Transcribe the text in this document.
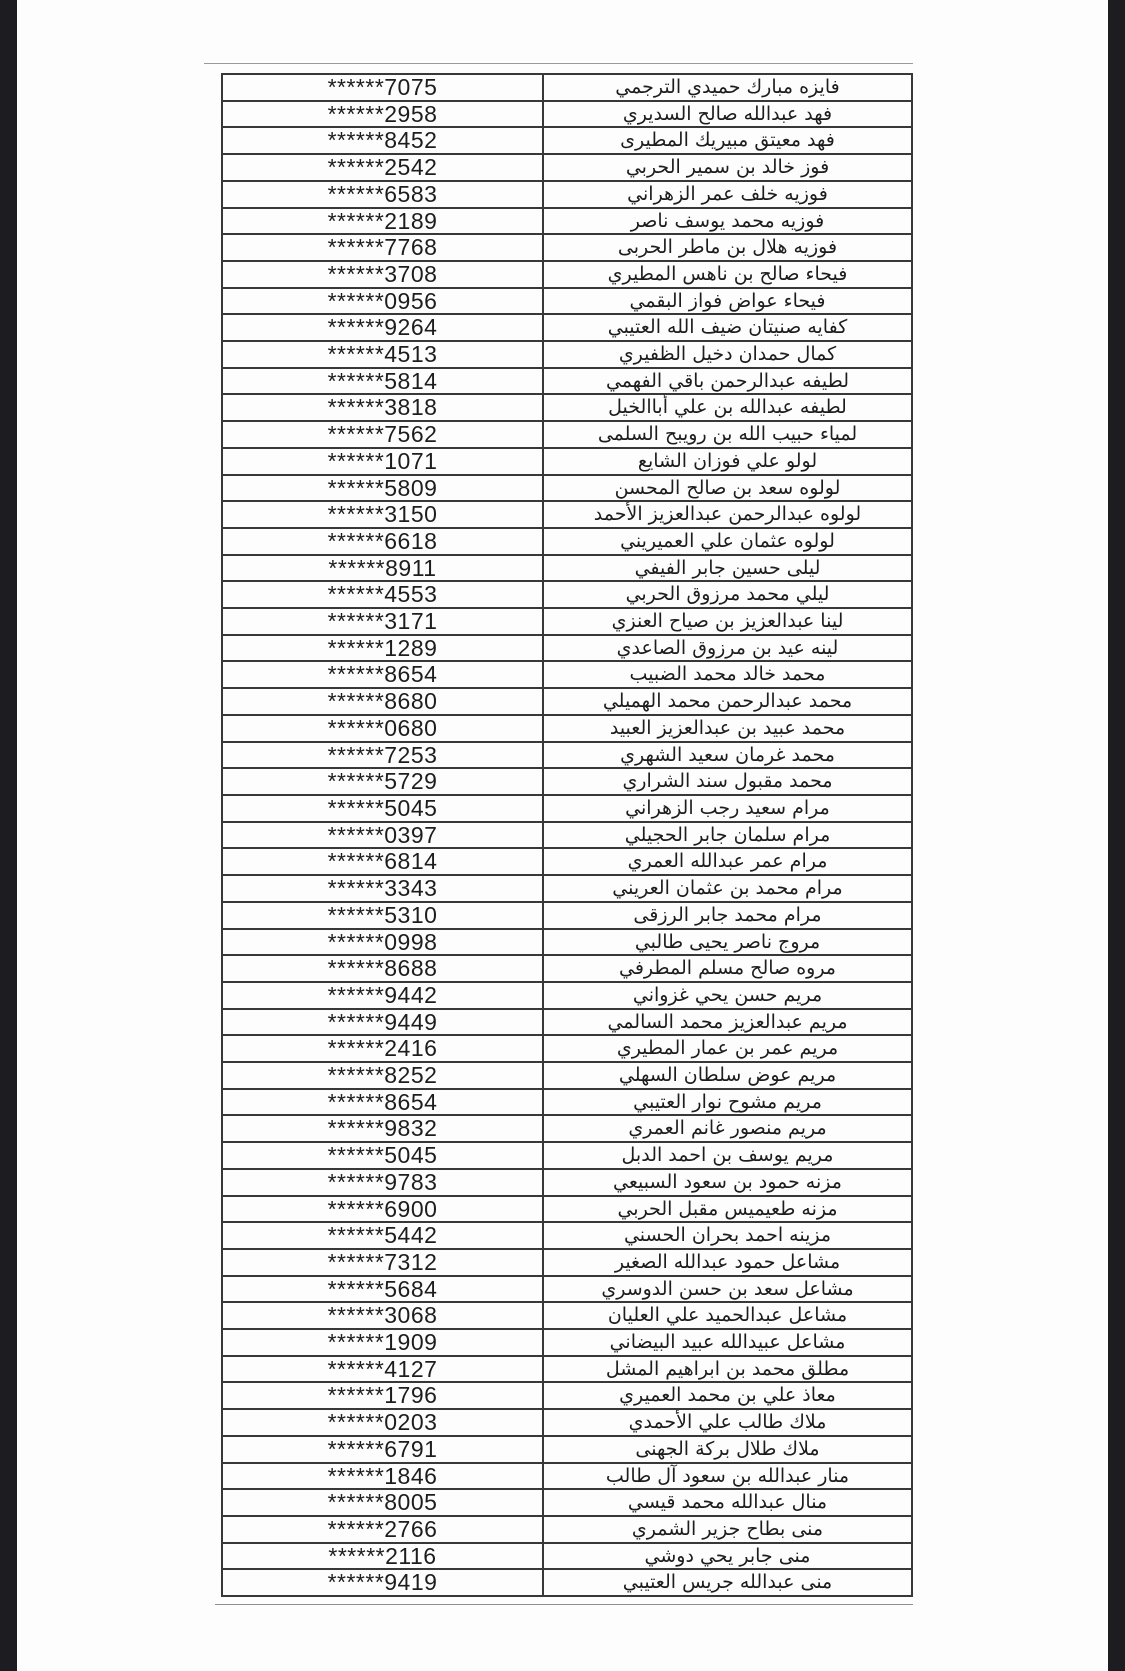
******7075	فايزه مبارك حميدي الترجمي
******2958	فهد عبدالله صالح السديري
******8452	فهد معيتق مبيريك المطيرى
******2542	فوز خالد بن سمير الحربي
******6583	فوزيه خلف عمر الزهراني
******2189	فوزيه محمد يوسف ناصر
******7768	فوزيه هلال بن ماطر الحربى
******3708	فيحاء صالح بن ناهس المطيري
******0956	فيحاء عواض فواز البقمي
******9264	كفايه صنيتان ضيف الله العتيبي
******4513	كمال حمدان دخيل الظفيري
******5814	لطيفه عبدالرحمن باقي الفهمي
******3818	لطيفه عبدالله بن علي أباالخيل
******7562	لمياء حبيب الله بن رويبح السلمى
******1071	لولو علي فوزان الشايع
******5809	لولوه سعد بن صالح المحسن
******3150	لولوه عبدالرحمن عبدالعزيز الأحمد
******6618	لولوه عثمان علي العميريني
******8911	ليلى حسين جابر الفيفي
******4553	ليلي محمد مرزوق الحربي
******3171	لينا عبدالعزيز بن صياح العنزي
******1289	لينه عيد بن مرزوق الصاعدي
******8654	محمد خالد محمد الضبيب
******8680	محمد عبدالرحمن محمد الهميلي
******0680	محمد عبيد بن عبدالعزيز العبيد
******7253	محمد غرمان سعيد الشهري
******5729	محمد مقبول سند الشراري
******5045	مرام سعيد رجب الزهراني
******0397	مرام سلمان جابر الحجيلي
******6814	مرام عمر عبدالله العمري
******3343	مرام محمد بن عثمان العريني
******5310	مرام محمد جابر الرزقى
******0998	مروج ناصر يحيى طالبي
******8688	مروه صالح مسلم المطرفي
******9442	مريم حسن يحي غزواني
******9449	مريم عبدالعزيز محمد السالمي
******2416	مريم عمر بن عمار المطيري
******8252	مريم عوض سلطان السهلي
******8654	مريم مشوح نوار العتيبي
******9832	مريم منصور غانم العمري
******5045	مريم يوسف بن احمد الدبل
******9783	مزنه حمود بن سعود السبيعي
******6900	مزنه طعيميس مقبل الحربي
******5442	مزينه احمد بحران الحسني
******7312	مشاعل حمود عبدالله الصغير
******5684	مشاعل سعد بن حسن الدوسري
******3068	مشاعل عبدالحميد علي العليان
******1909	مشاعل عبيدالله عبيد البيضاني
******4127	مطلق محمد بن ابراهيم المشل
******1796	معاذ علي بن محمد العميري
******0203	ملاك طالب علي الأحمدي
******6791	ملاك طلال بركة الجهنى
******1846	منار عبدالله بن سعود آل طالب
******8005	منال عبدالله محمد قيسي
******2766	منى بطاح جزير الشمري
******2116	منى جابر يحي دوشي
******9419	منى عبدالله جريس العتيبي
